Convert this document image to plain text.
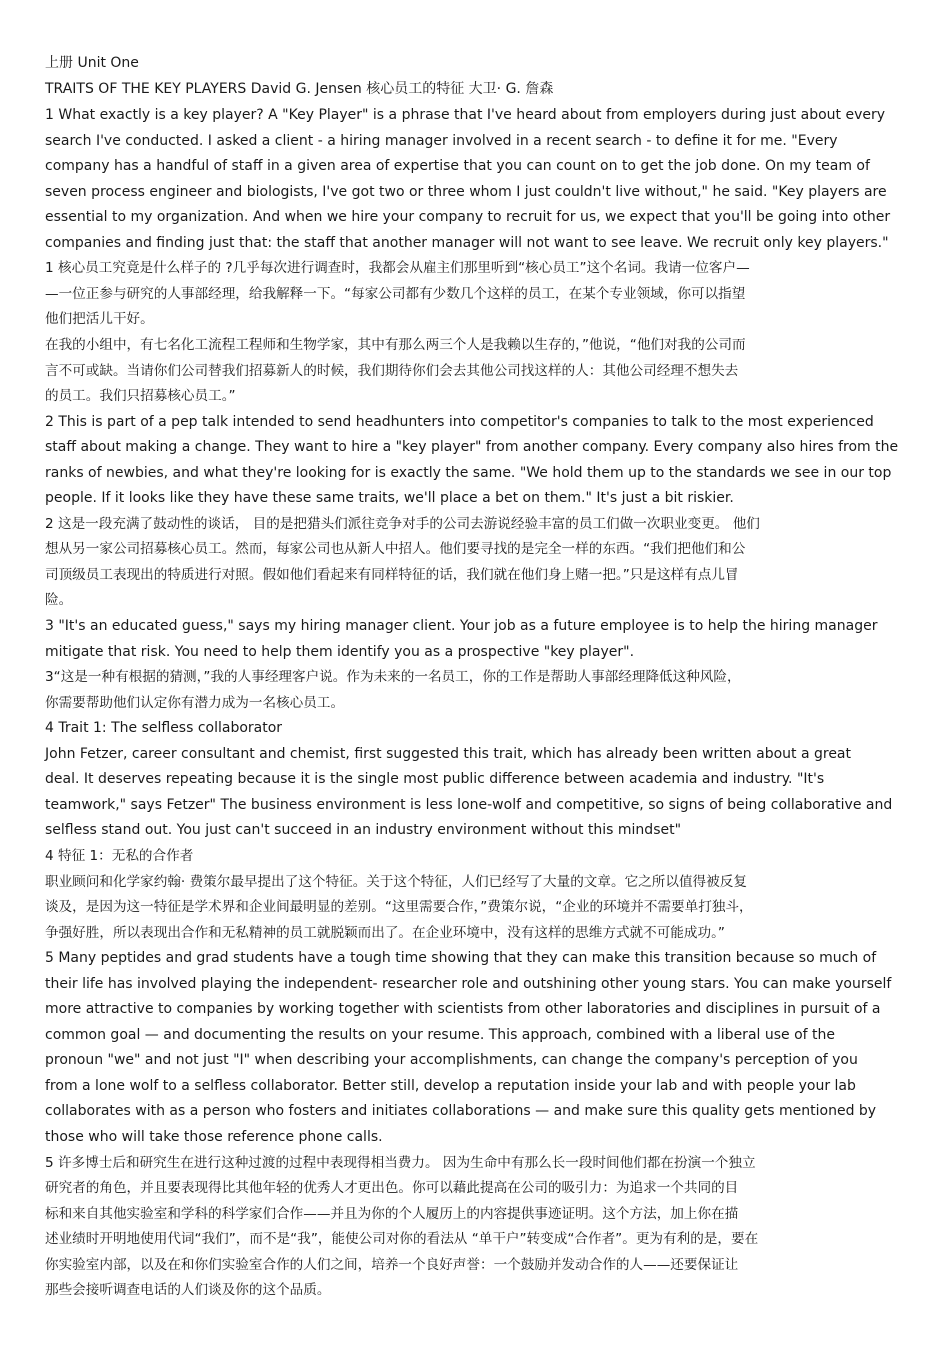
上册 Unit One

TRAITS OF THE KEY PLAYERS David G. Jensen 核心员工的特征 大卫· G. 詹森

1 What exactly is a key player? A "Key Player" is a phrase that I've heard about from employers during just about every

search I've conducted. I asked a client - a hiring manager involved in a recent search - to define it for me. "Every

company has a handful of staff in a given area of expertise that you can count on to get the job done. On my team of

seven process engineer and biologists, I've got two or three whom I just couldn't live without," he said. "Key players are

essential to my organization. And when we hire your company to recruit for us, we expect that you'll be going into other

companies and finding just that: the staff that another manager will not want to see leave. We recruit only key players."

1 核心员工究竟是什么样子的 ?几乎每次进行调查时，我都会从雇主们那里听到“核心员工”这个名词。我请一位客户—

—一位正参与研究的人事部经理，给我解释一下。“每家公司都有少数几个这样的员工，在某个专业领域，你可以指望

他们把活儿干好。

在我的小组中，有七名化工流程工程师和生物学家，其中有那么两三个人是我赖以生存的，”他说，“他们对我的公司而

言不可或缺。当请你们公司替我们招募新人的时候，我们期待你们会去其他公司找这样的人：其他公司经理不想失去

的员工。我们只招募核心员工。”

2 This is part of a pep talk intended to send headhunters into competitor's companies to talk to the most experienced

staff about making a change. They want to hire a "key player" from another company. Every company also hires from the

ranks of newbies, and what they're looking for is exactly the same. "We hold them up to the standards we see in our top

people. If it looks like they have these same traits, we'll place a bet on them." It's just a bit riskier.

2 这是一段充满了鼓动性的谈话， 目的是把猎头们派往竞争对手的公司去游说经验丰富的员工们做一次职业变更。 他们

想从另一家公司招募核心员工。然而，每家公司也从新人中招人。他们要寻找的是完全一样的东西。“我们把他们和公

司顶级员工表现出的特质进行对照。假如他们看起来有同样特征的话，我们就在他们身上赌一把。”只是这样有点儿冒

险。

3 "It's an educated guess," says my hiring manager client. Your job as a future employee is to help the hiring manager

mitigate that risk. You need to help them identify you as a prospective "key player".

3“这是一种有根据的猜测，”我的人事经理客户说。作为未来的一名员工，你的工作是帮助人事部经理降低这种风险，

你需要帮助他们认定你有潜力成为一名核心员工。

4 Trait 1: The selfless collaborator

John Fetzer, career consultant and chemist, first suggested this trait, which has already been written about a great

deal. It deserves repeating because it is the single most public difference between academia and industry. "It's

teamwork," says Fetzer" The business environment is less lone-wolf and competitive, so signs of being collaborative and

selfless stand out. You just can't succeed in an industry environment without this mindset"

4 特征 1：无私的合作者

职业顾问和化学家约翰· 费策尔最早提出了这个特征。关于这个特征，人们已经写了大量的文章。它之所以值得被反复

谈及，是因为这一特征是学术界和企业间最明显的差别。“这里需要合作，”费策尔说，“企业的环境并不需要单打独斗，

争强好胜，所以表现出合作和无私精神的员工就脱颖而出了。在企业环境中，没有这样的思维方式就不可能成功。”

5 Many peptides and grad students have a tough time showing that they can make this transition because so much of

their life has involved playing the independent- researcher role and outshining other young stars. You can make yourself

more attractive to companies by working together with scientists from other laboratories and disciplines in pursuit of a

common goal — and documenting the results on your resume. This approach, combined with a liberal use of the

pronoun "we" and not just "I" when describing your accomplishments, can change the company's perception of you

from a lone wolf to a selfless collaborator. Better still, develop a reputation inside your lab and with people your lab

collaborates with as a person who fosters and initiates collaborations — and make sure this quality gets mentioned by

those who will take those reference phone calls.

5 许多博士后和研究生在进行这种过渡的过程中表现得相当费力。 因为生命中有那么长一段时间他们都在扮演一个独立

研究者的角色，并且要表现得比其他年轻的优秀人才更出色。你可以藉此提高在公司的吸引力：为追求一个共同的目

标和来自其他实验室和学科的科学家们合作——并且为你的个人履历上的内容提供事迹证明。这个方法，加上你在描

述业绩时开明地使用代词“我们”，而不是“我”，能使公司对你的看法从 “单干户”转变成“合作者”。更为有利的是，要在

你实验室内部，以及在和你们实验室合作的人们之间，培养一个良好声誉：一个鼓励并发动合作的人——还要保证让

那些会接听调查电话的人们谈及你的这个品质。
